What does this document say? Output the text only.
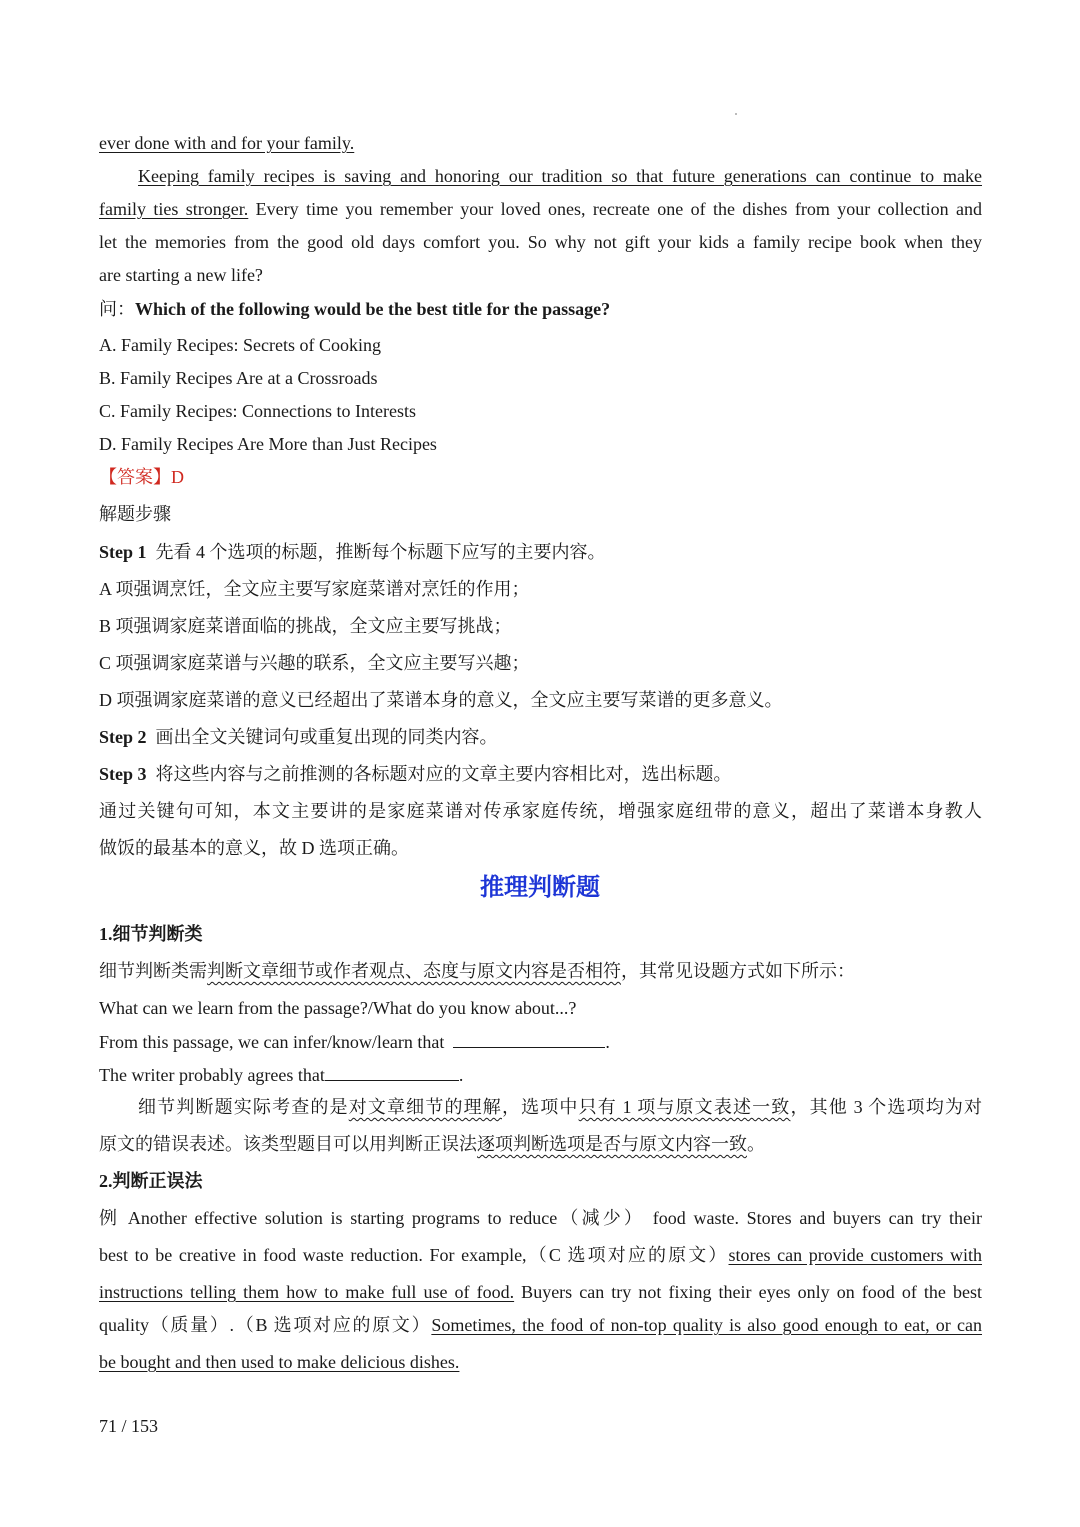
ever done with and for your family.
Keeping family recipes is saving and honoring our tradition so that future generations can continue to make
family ties stronger. Every time you remember your loved ones, recreate one of the dishes from your collection and
let the memories from the good old days comfort you. So why not gift your kids a family recipe book when they
are starting a new life?
问：Which of the following would be the best title for the passage?
A. Family Recipes: Secrets of Cooking
B. Family Recipes Are at a Crossroads
C. Family Recipes: Connections to Interests
D. Family Recipes Are More than Just Recipes
【答案】D
解题步骤
Step 1 先看 4 个选项的标题，推断每个标题下应写的主要内容。
A 项强调烹饪，全文应主要写家庭菜谱对烹饪的作用；
B 项强调家庭菜谱面临的挑战，全文应主要写挑战；
C 项强调家庭菜谱与兴趣的联系，全文应主要写兴趣；
D 项强调家庭菜谱的意义已经超出了菜谱本身的意义，全文应主要写菜谱的更多意义。
Step 2 画出全文关键词句或重复出现的同类内容。
Step 3 将这些内容与之前推测的各标题对应的文章主要内容相比对，选出标题。
通过关键句可知，本文主要讲的是家庭菜谱对传承家庭传统，增强家庭纽带的意义，超出了菜谱本身教人
做饭的最基本的意义，故 D 选项正确。
推理判断题
1.细节判断类
细节判断类需判断文章细节或作者观点、态度与原文内容是否相符，其常见设题方式如下所示：
What can we learn from the passage?/What do you know about...?
From this passage, we can infer/know/learn that	.
The writer probably agrees that	.
细节判断题实际考查的是对文章细节的理解，选项中只有 1 项与原文表述一致，其他 3 个选项均为对
原文的错误表述。该类型题目可以用判断正误法逐项判断选项是否与原文内容一致。
2.判断正误法
例 Another effective solution is starting programs to reduce（减少） food waste. Stores and buyers can try their
best to be creative in food waste reduction. For example,（C 选项对应的原文）stores can provide customers with
instructions telling them how to make full use of food. Buyers can try not fixing their eyes only on food of the best
quality（质量）.（B 选项对应的原文）Sometimes, the food of non-top quality is also good enough to eat, or can
be bought and then used to make delicious dishes.
71 / 153
